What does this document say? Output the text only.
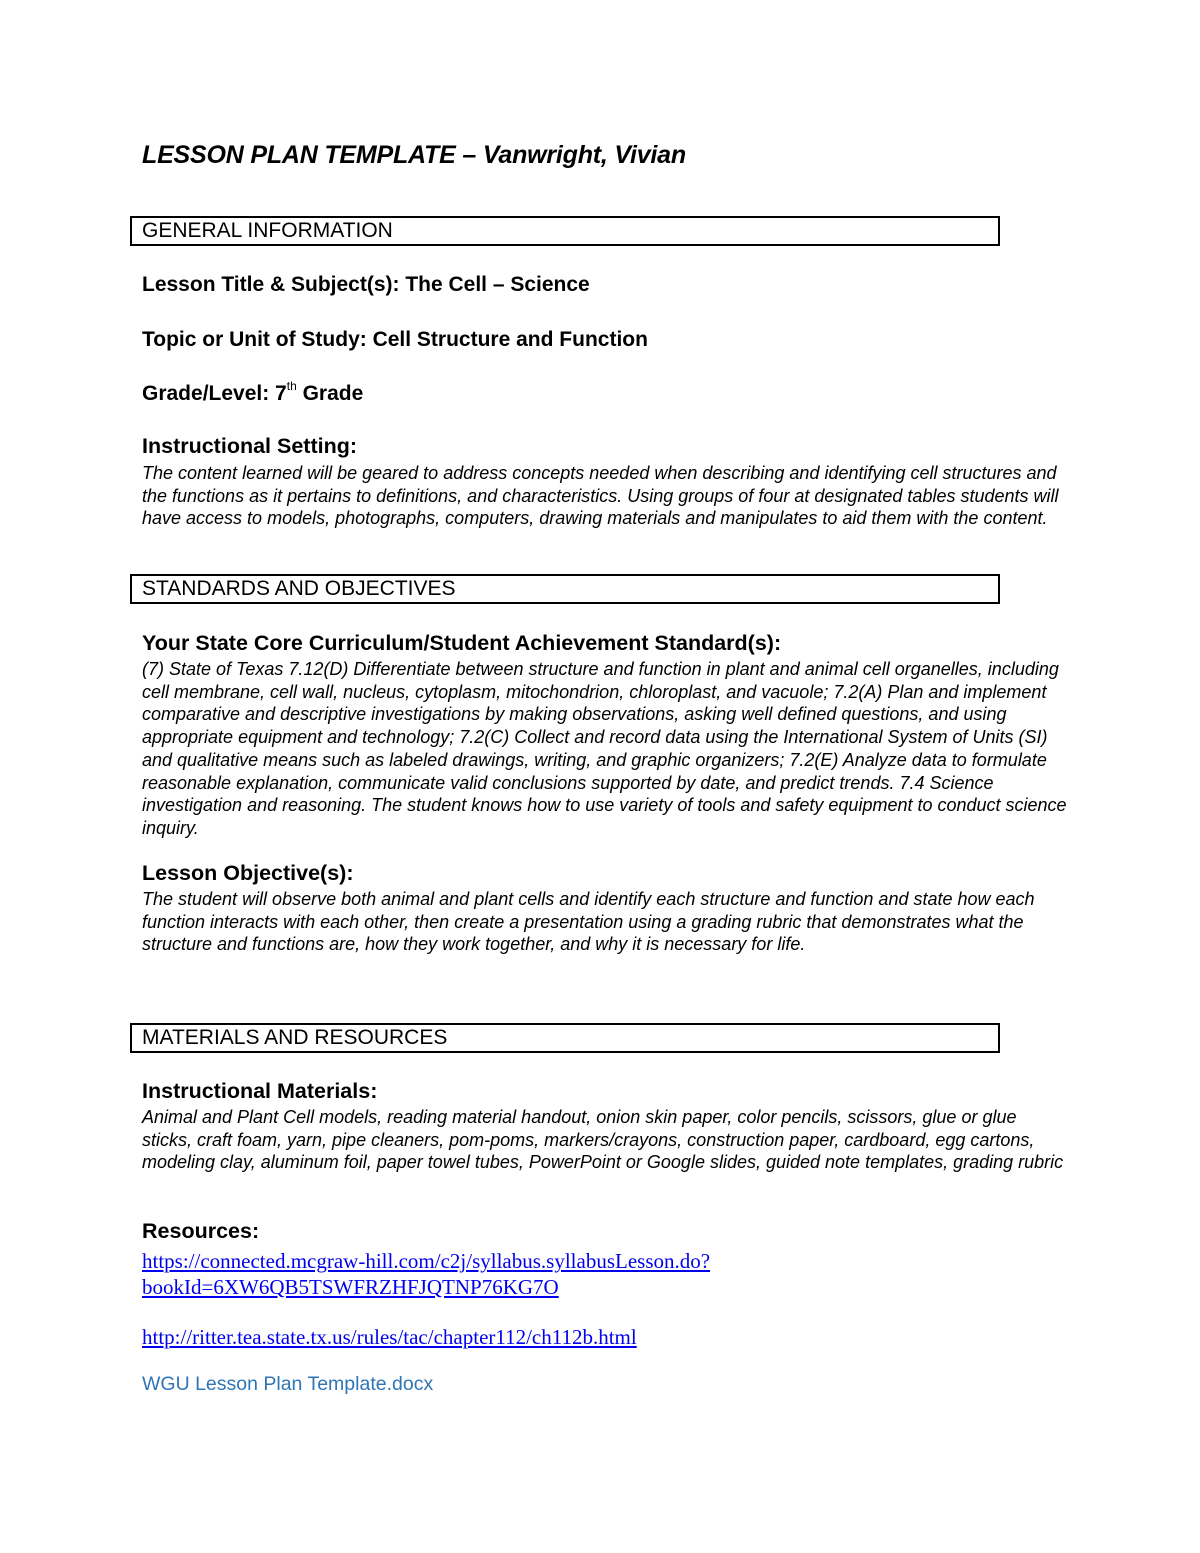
LESSON PLAN TEMPLATE – Vanwright, Vivian
GENERAL INFORMATION
Lesson Title & Subject(s): The Cell – Science
Topic or Unit of Study: Cell Structure and Function
Grade/Level: 7th Grade
Instructional Setting:

The content learned will be geared to address concepts needed when describing and identifying cell structures and the functions as it pertains to definitions, and characteristics. Using groups of four at designated tables students will have access to models, photographs, computers, drawing materials and manipulates to aid them with the content.

STANDARDS AND OBJECTIVES
Your State Core Curriculum/Student Achievement Standard(s):

(7) State of Texas 7.12(D) Differentiate between structure and function in plant and animal cell organelles, including cell membrane, cell wall, nucleus, cytoplasm, mitochondrion, chloroplast, and vacuole; 7.2(A) Plan and implement comparative and descriptive investigations by making observations, asking well defined questions, and using appropriate equipment and technology; 7.2(C) Collect and record data using the International System of Units (SI) and qualitative means such as labeled drawings, writing, and graphic organizers; 7.2(E) Analyze data to formulate reasonable explanation, communicate valid conclusions supported by date, and predict trends. 7.4 Science investigation and reasoning. The student knows how to use variety of tools and safety equipment to conduct science inquiry.

Lesson Objective(s):

The student will observe both animal and plant cells and identify each structure and function and state how each function interacts with each other, then create a presentation using a grading rubric that demonstrates what the structure and functions are, how they work together, and why it is necessary for life.

MATERIALS AND RESOURCES
Instructional Materials:

Animal and Plant Cell models, reading material handout, onion skin paper, color pencils, scissors, glue or glue sticks, craft foam, yarn, pipe cleaners, pom-poms, markers/crayons, construction paper, cardboard, egg cartons, modeling clay, aluminum foil, paper towel tubes, PowerPoint or Google slides, guided note templates, grading rubric

Resources:
https://connected.mcgraw-hill.com/c2j/syllabus.syllabusLesson.do?
bookId=6XW6QB5TSWFRZHFJQTNP76KG7O
http://ritter.tea.state.tx.us/rules/tac/chapter112/ch112b.html
WGU Lesson Plan Template.docx
